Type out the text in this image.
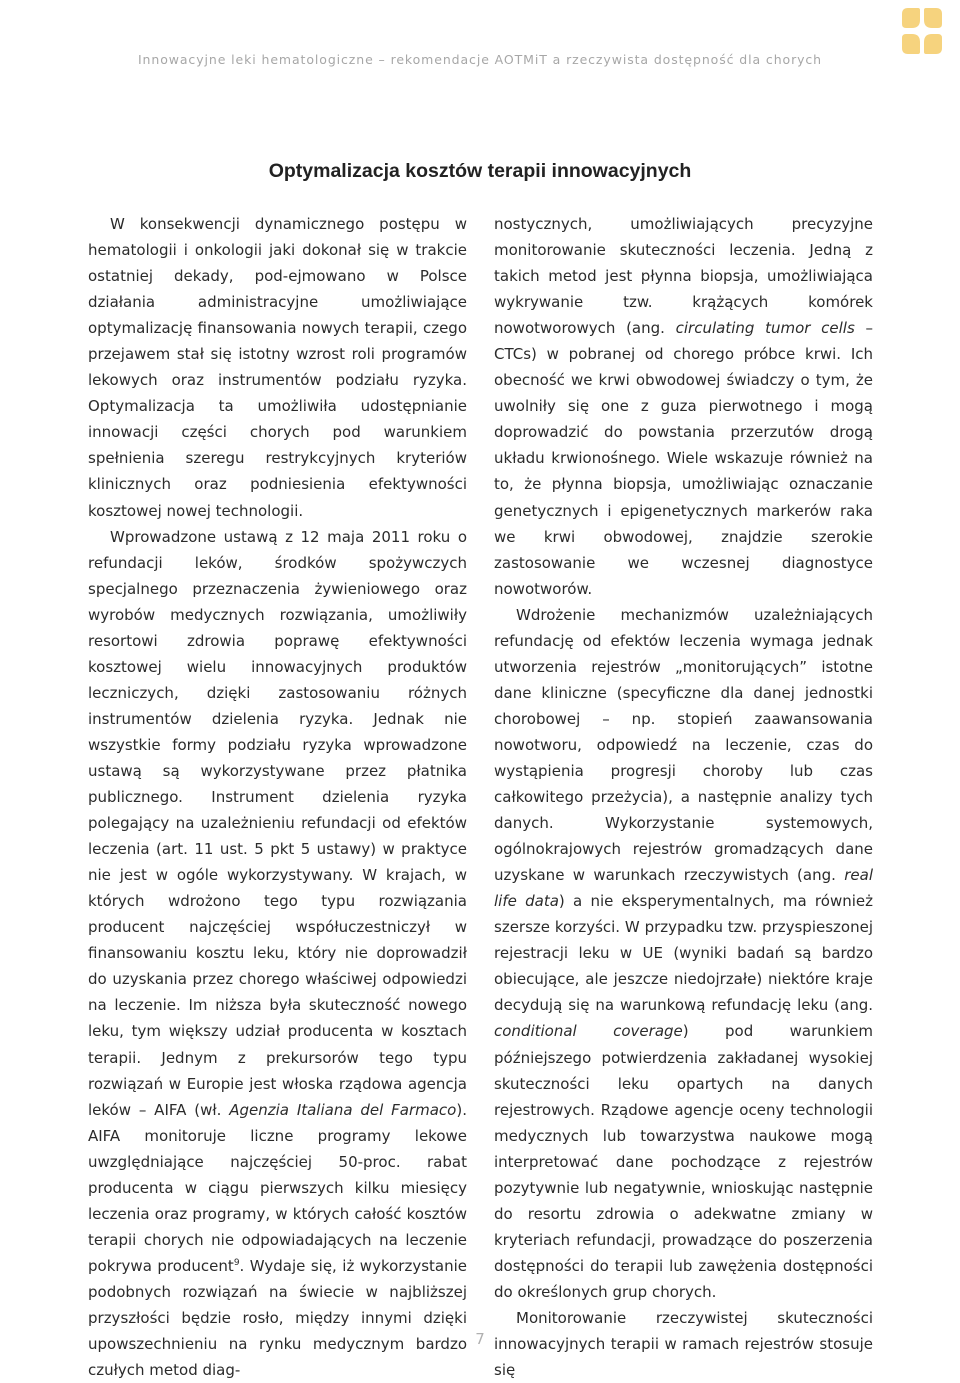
Innowacyjne leki hematologiczne – rekomendacje AOTMiT a rzeczywista dostępność dla chorych
Optymalizacja kosztów terapii innowacyjnych

W konsekwencji dynamicznego postępu w hematologii i onkologii jaki dokonał się w trakcie ostatniej dekady, pod-ejmowano w Polsce działania administracyjne umożliwiające optymalizację finansowania nowych terapii, czego przejawem stał się istotny wzrost roli programów lekowych oraz instrumentów podziału ryzyka. Optymalizacja ta umożliwiła udostępnianie innowacji części chorych pod warunkiem spełnienia szeregu restrykcyjnych kryteriów klinicznych oraz podniesienia efektywności kosztowej nowej technologii.

Wprowadzone ustawą z 12 maja 2011 roku o refundacji leków, środków spożywczych specjalnego przeznaczenia żywieniowego oraz wyrobów medycznych rozwiązania, umożliwiły resortowi zdrowia poprawę efektywności kosztowej wielu innowacyjnych produktów leczniczych, dzięki zastosowaniu różnych instrumentów dzielenia ryzyka. Jednak nie wszystkie formy podziału ryzyka wprowadzone ustawą są wykorzystywane przez płatnika publicznego. Instrument dzielenia ryzyka polegający na uzależnieniu refundacji od efektów leczenia (art. 11 ust. 5 pkt 5 ustawy) w praktyce nie jest w ogóle wykorzystywany. W krajach, w których wdrożono tego typu rozwiązania producent najczęściej współuczestniczył w finansowaniu kosztu leku, który nie doprowadził do uzyskania przez chorego właściwej odpowiedzi na leczenie. Im niższa była skuteczność nowego leku, tym większy udział producenta w kosztach terapii. Jednym z prekursorów tego typu rozwiązań w Europie jest włoska rządowa agencja leków – AIFA (wł. Agenzia Italiana del Farmaco). AIFA monitoruje liczne programy lekowe uwzględniające najczęściej 50-proc. rabat producenta w ciągu pierwszych kilku miesięcy leczenia oraz programy, w których całość kosztów terapii chorych nie odpowiadających na leczenie pokrywa producent$^9$. Wydaje się, iż wykorzystanie podobnych rozwiązań na świecie w najbliższej przyszłości będzie rosło, między innymi dzięki upowszechnieniu na rynku medycznym bardzo czułych metod diag-

nostycznych, umożliwiających precyzyjne monitorowanie skuteczności leczenia. Jedną z takich metod jest płynna biopsja, umożliwiająca wykrywanie tzw. krążących komórek nowotworowych (ang. circulating tumor cells – CTCs) w pobranej od chorego próbce krwi. Ich obecność we krwi obwodowej świadczy o tym, że uwolniły się one z guza pierwotnego i mogą doprowadzić do powstania przerzutów drogą układu krwionośnego. Wiele wskazuje również na to, że płynna biopsja, umożliwiając oznaczanie genetycznych i epigenetycznych markerów raka we krwi obwodowej, znajdzie szerokie zastosowanie we wczesnej diagnostyce nowotworów.

Wdrożenie mechanizmów uzależniających refundację od efektów leczenia wymaga jednak utworzenia rejestrów „monitorujących” istotne dane kliniczne (specyficzne dla danej jednostki chorobowej – np. stopień zaawansowania nowotworu, odpowiedź na leczenie, czas do wystąpienia progresji choroby lub czas całkowitego przeżycia), a następnie analizy tych danych. Wykorzystanie systemowych, ogólnokrajowych rejestrów gromadzących dane uzyskane w warunkach rzeczywistych (ang. real life data) a nie eksperymentalnych, ma również szersze korzyści. W przypadku tzw. przyspieszonej rejestracji leku w UE (wyniki badań są bardzo obiecujące, ale jeszcze niedojrzałe) niektóre kraje decydują się na warunkową refundację leku (ang. conditional coverage) pod warunkiem późniejszego potwierdzenia zakładanej wysokiej skuteczności leku opartych na danych rejestrowych. Rządowe agencje oceny technologii medycznych lub towarzystwa naukowe mogą interpretować dane pochodzące z rejestrów pozytywnie lub negatywnie, wnioskując następnie do resortu zdrowia o adekwatne zmiany w kryteriach refundacji, prowadzące do poszerzenia dostępności do terapii lub zawężenia dostępności do określonych grup chorych.

Monitorowanie rzeczywistej skuteczności innowacyjnych terapii w ramach rejestrów stosuje się

7
